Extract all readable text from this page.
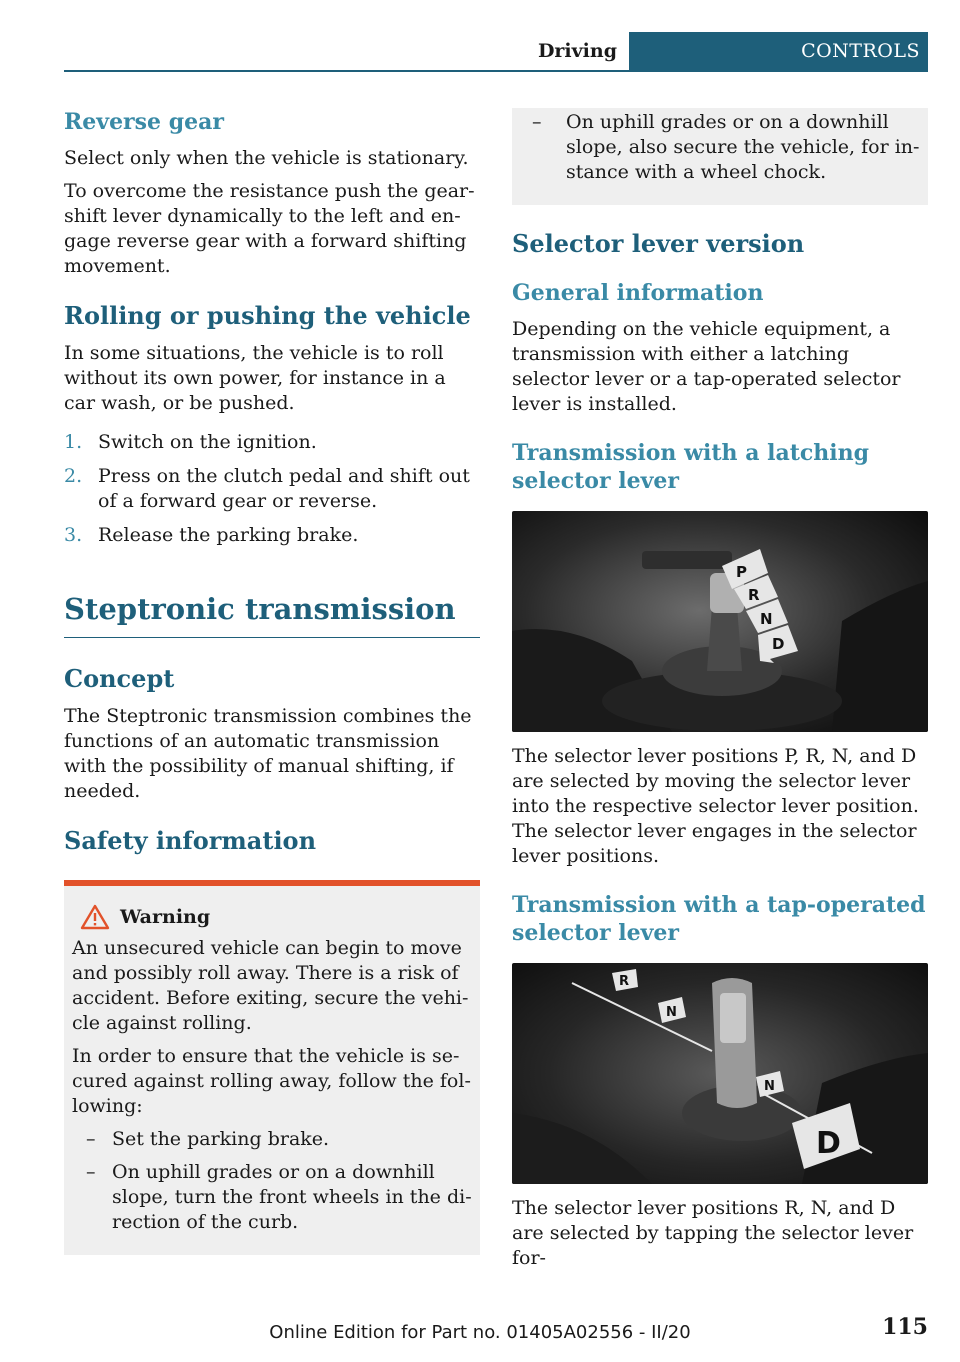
Driving	CONTROLS
Reverse gear

Select only when the vehicle is stationary.

To overcome the resistance push the gearshift lever dynamically to the left and engage reverse gear with a forward shifting movement.

Rolling or pushing the vehicle

In some situations, the vehicle is to roll without its own power, for instance in a car wash, or be pushed.

1. Switch on the ignition.
2. Press on the clutch pedal and shift out of a forward gear or reverse.
3. Release the parking brake.
Steptronic transmission
Concept

The Steptronic transmission combines the functions of an automatic transmission with the possibility of manual shifting, if needed.

Safety information
Warning

An unsecured vehicle can begin to move and possibly roll away. There is a risk of accident. Before exiting, secure the vehicle against rolling.

In order to ensure that the vehicle is secured against rolling away, follow the following:

– Set the parking brake.
– On uphill grades or on a downhill slope, turn the front wheels in the direction of the curb.
– On uphill grades or on a downhill slope, also secure the vehicle, for instance with a wheel chock.
Selector lever version
General information

Depending on the vehicle equipment, a transmission with either a latching selector lever or a tap-operated selector lever is installed.

Transmission with a latching selector lever
P
R
N
D

The selector lever positions P, R, N, and D are selected by moving the selector lever into the respective selector lever position. The selector lever engages in the selector lever positions.

Transmission with a tap-operated selector lever
R
N
N
D

The selector lever positions R, N, and D are selected by tapping the selector lever for-

Online Edition for Part no. 01405A02556 - II/20	115
